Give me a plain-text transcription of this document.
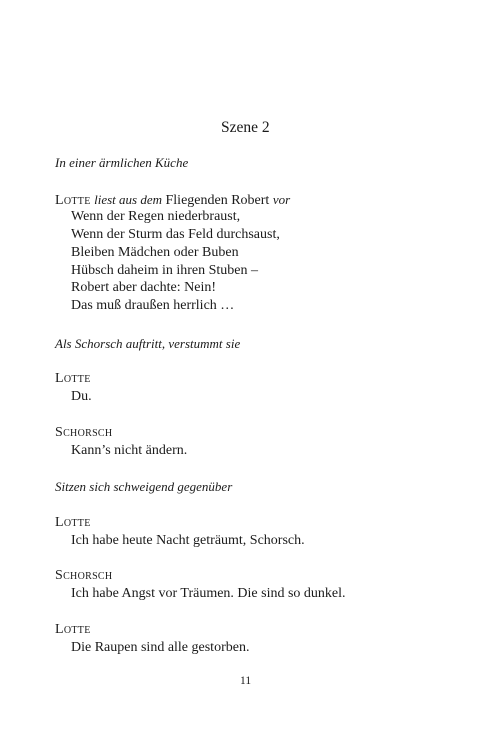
Szene 2
In einer ärmlichen Küche
Lotte liest aus dem Fliegenden Robert vor
Wenn der Regen niederbraust,
Wenn der Sturm das Feld durchsaust,
Bleiben Mädchen oder Buben
Hübsch daheim in ihren Stuben –
Robert aber dachte: Nein!
Das muß draußen herrlich …
Als Schorsch auftritt, verstummt sie
Lotte
Du.
Schorsch
Kann’s nicht ändern.
Sitzen sich schweigend gegenüber
Lotte
Ich habe heute Nacht geträumt, Schorsch.
Schorsch
Ich habe Angst vor Träumen. Die sind so dunkel.
Lotte
Die Raupen sind alle gestorben.
11
